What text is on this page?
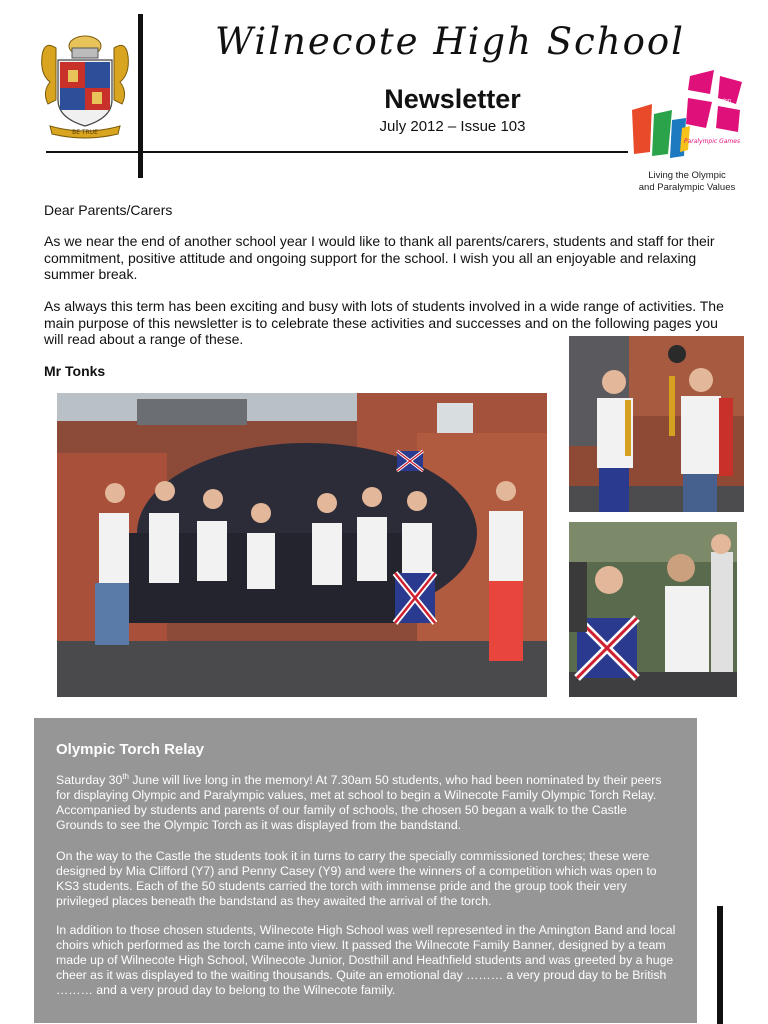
BE TRUE
Wilnecote High School
Newsletter
July 2012 – Issue 103
london
Paralympic Games
Living the Olympic
and Paralympic Values
Dear Parents/Carers
As we near the end of another school year I would like to thank all parents/carers, students and staff for their commitment, positive attitude and ongoing support for the school. I wish you all an enjoyable and relaxing summer break.
As always this term has been exciting and busy with lots of students involved in a wide range of activities. The main purpose of this newsletter is to celebrate these activities and successes and on the following pages you will read about a range of these.
Mr Tonks
Olympic Torch Relay
Saturday 30th June will live long in the memory! At 7.30am 50 students, who had been nominated by their peers for displaying Olympic and Paralympic values, met at school to begin a Wilnecote Family Olympic Torch Relay. Accompanied by students and parents of our family of schools, the chosen 50 began a walk to the Castle Grounds to see the Olympic Torch as it was displayed from the bandstand.
On the way to the Castle the students took it in turns to carry the specially commissioned torches; these were designed by Mia Clifford (Y7) and Penny Casey (Y9) and were the winners of a competition which was open to KS3 students. Each of the 50 students carried the torch with immense pride and the group took their very privileged places beneath the bandstand as they awaited the arrival of the torch.
In addition to those chosen students, Wilnecote High School was well represented in the Amington Band and local choirs which performed as the torch came into view. It passed the Wilnecote Family Banner, designed by a team made up of Wilnecote High School, Wilnecote Junior, Dosthill and Heathfield students and was greeted by a huge cheer as it was displayed to the waiting thousands. Quite an emotional day ……… a very proud day to be British ……… and a very proud day to belong to the Wilnecote family.
